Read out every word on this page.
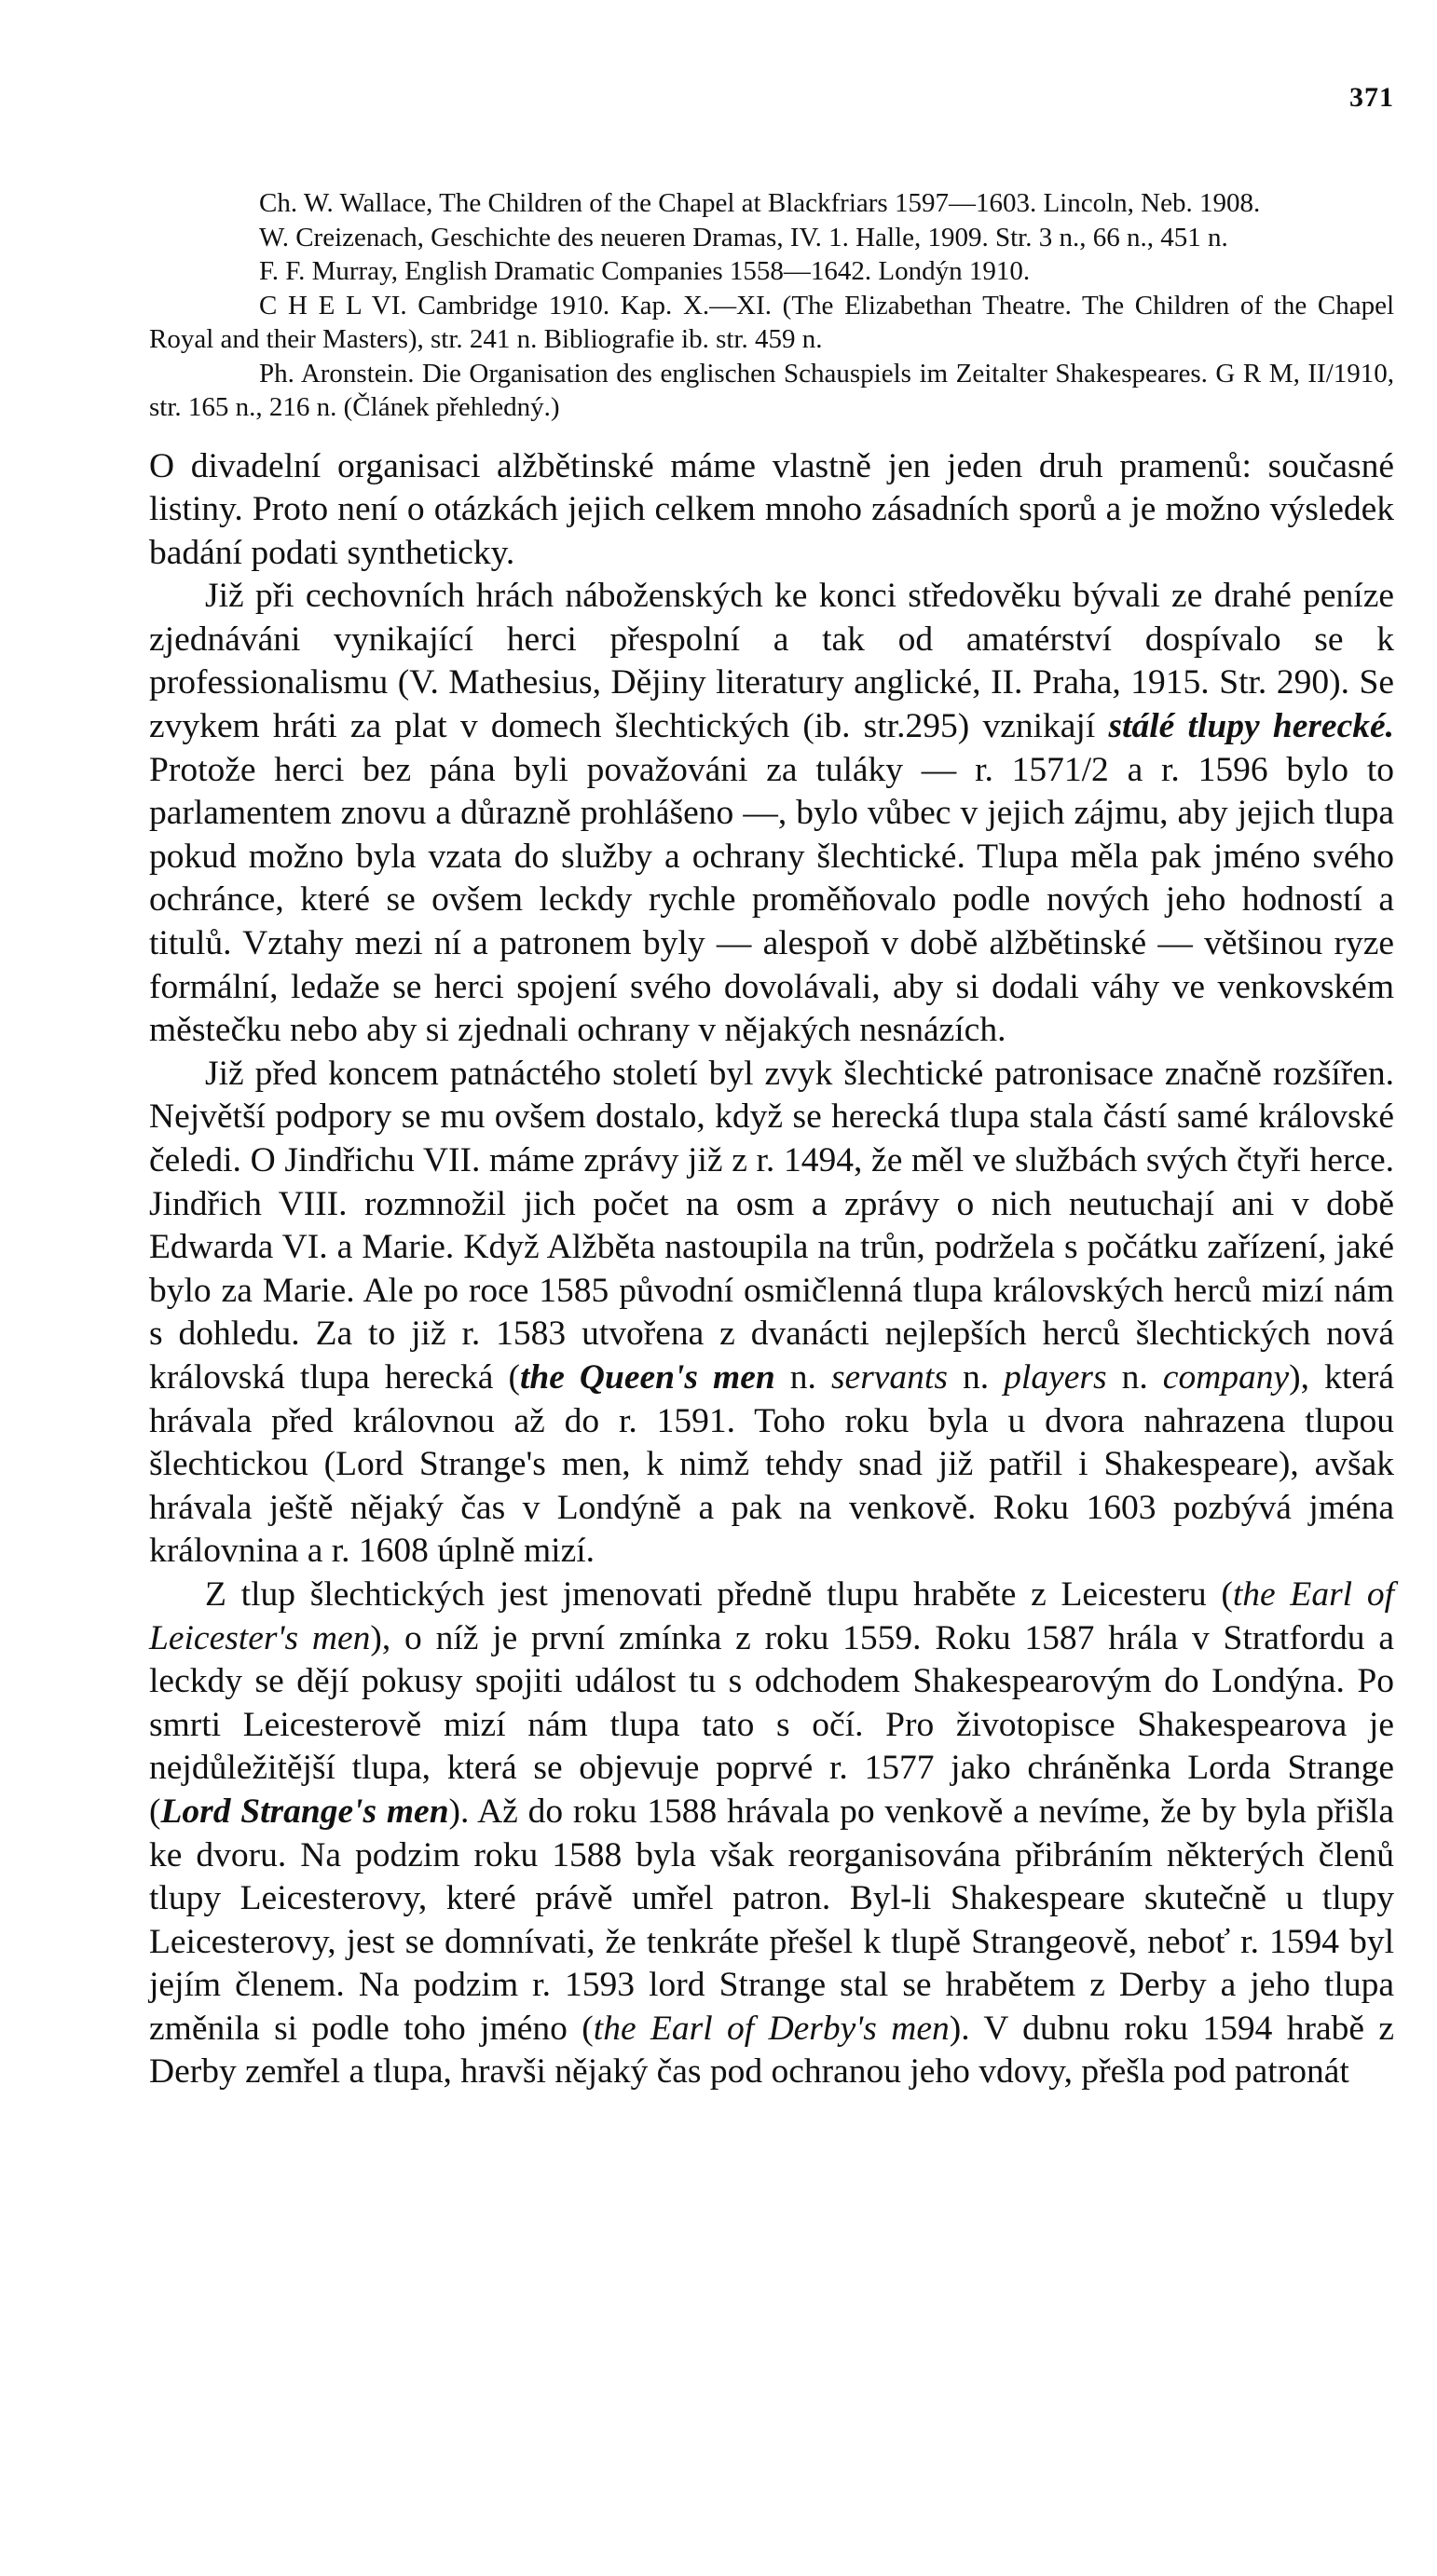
371

Ch. W. Wallace, The Children of the Chapel at Blackfriars 1597—1603. Lincoln, Neb. 1908.

W. Creizenach, Geschichte des neueren Dramas, IV. 1. Halle, 1909. Str. 3 n., 66 n., 451 n.

F. F. Murray, English Dramatic Companies 1558—1642. Londýn 1910.

C H E L VI. Cambridge 1910. Kap. X.—XI. (The Elizabethan Theatre. The Children of the Chapel Royal and their Masters), str. 241 n. Bibliografie ib. str. 459 n.

Ph. Aronstein. Die Organisation des englischen Schauspiels im Zeitalter Shakespeares. G R M, II/1910, str. 165 n., 216 n. (Článek přehledný.)

O divadelní organisaci alžbětinské máme vlastně jen jeden druh pramenů: současné listiny. Proto není o otázkách jejich celkem mnoho zásadních sporů a je možno výsledek badání podati syntheticky.

Již při cechovních hrách náboženských ke konci středověku bývali ze drahé peníze zjednáváni vynikající herci přespolní a tak od amatérství dospívalo se k professionalismu (V. Mathesius, Dějiny literatury anglické, II. Praha, 1915. Str. 290). Se zvykem hráti za plat v domech šlechtických (ib. str.295) vznikají stálé tlupy herecké. Protože herci bez pána byli považováni za tuláky — r. 1571/2 a r. 1596 bylo to parlamentem znovu a důrazně prohlášeno —, bylo vůbec v jejich zájmu, aby jejich tlupa pokud možno byla vzata do služby a ochrany šlechtické. Tlupa měla pak jméno svého ochránce, které se ovšem leckdy rychle proměňovalo podle nových jeho hodností a titulů. Vztahy mezi ní a patronem byly — alespoň v době alžbětinské — většinou ryze formální, ledaže se herci spojení svého dovolávali, aby si dodali váhy ve venkovském městečku nebo aby si zjednali ochrany v nějakých nesnázích.

Již před koncem patnáctého století byl zvyk šlechtické patronisace značně rozšířen. Největší podpory se mu ovšem dostalo, když se herecká tlupa stala částí samé královské čeledi. O Jindřichu VII. máme zprávy již z r. 1494, že měl ve službách svých čtyři herce. Jindřich VIII. rozmnožil jich počet na osm a zprávy o nich neutuchají ani v době Edwarda VI. a Marie. Když Alžběta nastoupila na trůn, podržela s počátku zařízení, jaké bylo za Marie. Ale po roce 1585 původní osmičlenná tlupa královských herců mizí nám s dohledu. Za to již r. 1583 utvořena z dvanácti nejlepších herců šlechtických nová královská tlupa herecká (the Queen's men n. servants n. players n. company), která hrávala před královnou až do r. 1591. Toho roku byla u dvora nahrazena tlupou šlechtickou (Lord Strange's men, k nimž tehdy snad již patřil i Shakespeare), avšak hrávala ještě nějaký čas v Londýně a pak na venkově. Roku 1603 pozbývá jména královnina a r. 1608 úplně mizí.

Z tlup šlechtických jest jmenovati předně tlupu hraběte z Leicesteru (the Earl of Leicester's men), o níž je první zmínka z roku 1559. Roku 1587 hrála v Stratfordu a leckdy se dějí pokusy spojiti událost tu s odchodem Shakespearovým do Londýna. Po smrti Leicesterově mizí nám tlupa tato s očí. Pro životopisce Shakespearova je nejdůležitější tlupa, která se objevuje poprvé r. 1577 jako chráněnka Lorda Strange (Lord Strange's men). Až do roku 1588 hrávala po venkově a nevíme, že by byla přišla ke dvoru. Na podzim roku 1588 byla však reorganisována přibráním některých členů tlupy Leicesterovy, které právě umřel patron. Byl-li Shakespeare skutečně u tlupy Leicesterovy, jest se domnívati, že tenkráte přešel k tlupě Strangeově, neboť r. 1594 byl jejím členem. Na podzim r. 1593 lord Strange stal se hrabětem z Derby a jeho tlupa změnila si podle toho jméno (the Earl of Derby's men). V dubnu roku 1594 hrabě z Derby zemřel a tlupa, hravši nějaký čas pod ochranou jeho vdovy, přešla pod patronát
